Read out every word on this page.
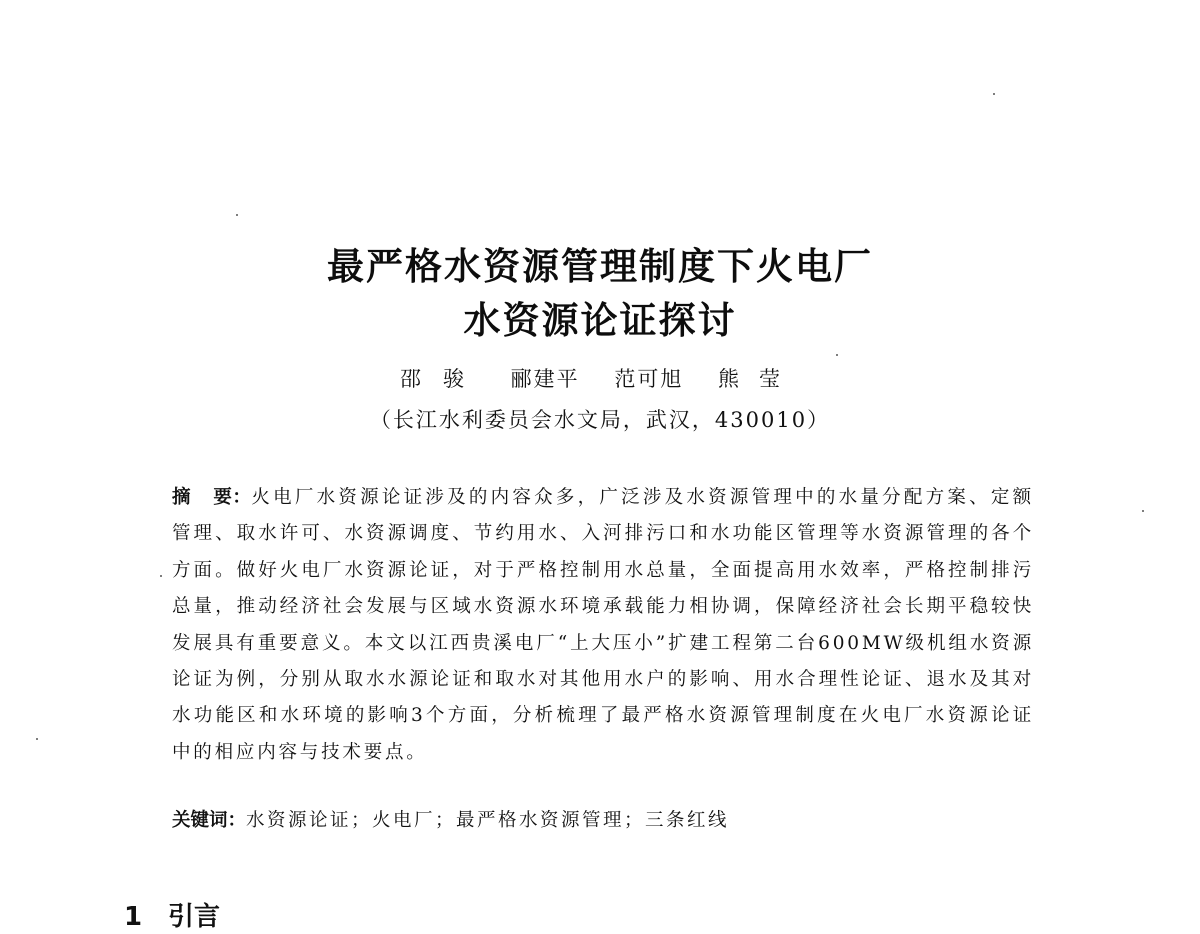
最严格水资源管理制度下火电厂
水资源论证探讨
邵骏 郦建平 范可旭 熊莹
（长江水利委员会水文局，武汉，430010）
摘 要：火电厂水资源论证涉及的内容众多，广泛涉及水资源管理中的水量分配方案、定额管理、取水许可、水资源调度、节约用水、入河排污口和水功能区管理等水资源管理的各个方面。做好火电厂水资源论证，对于严格控制用水总量，全面提高用水效率，严格控制排污总量，推动经济社会发展与区域水资源水环境承载能力相协调，保障经济社会长期平稳较快发展具有重要意义。本文以江西贵溪电厂“上大压小”扩建工程第二台600MW级机组水资源论证为例，分别从取水水源论证和取水对其他用水户的影响、用水合理性论证、退水及其对水功能区和水环境的影响3个方面，分析梳理了最严格水资源管理制度在火电厂水资源论证中的相应内容与技术要点。
关键词：水资源论证；火电厂；最严格水资源管理；三条红线
1 引言
